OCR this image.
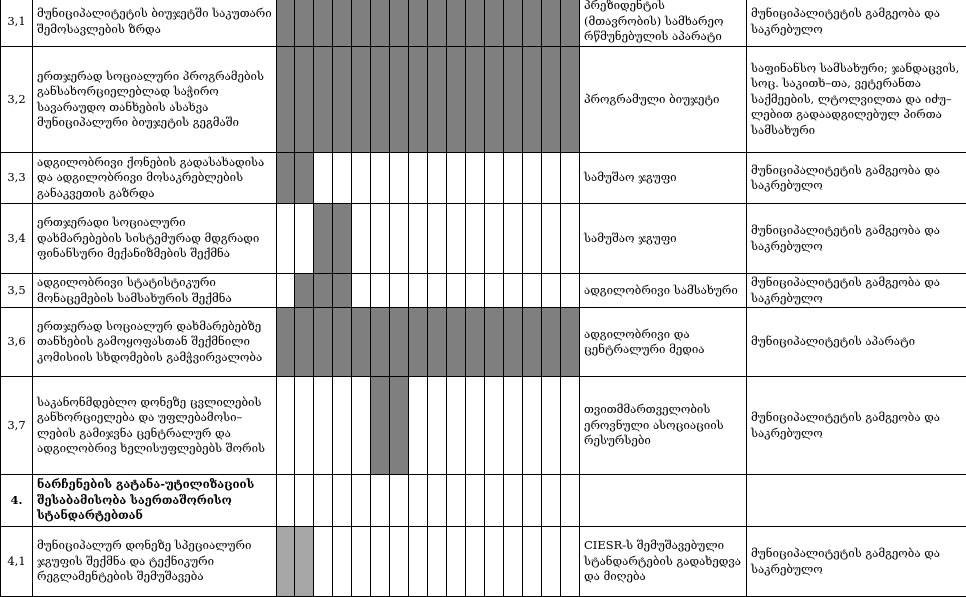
3,1	მუნიციპალიტეტის ბიუჯეტში საკუთარი შემოსავლების ზრდა																	პრეზიდენტის (მთავრობის) სამხარეო რწმუნებულის აპარატი	მუნიციპალიტეტის გამგეობა და საკრებულო
3,2	ერთჯერად სოციალური პროგრამების განსახორციელებლად საჭირო სავარაუდო თანხების ასახვა მუნიციპალური ბიუჯეტის გეგმაში																	პროგრამული ბიუჯეტი	საფინანსო სამსახური; ჯანდაცვის, სოც. საკითხ–თა, ვეტერანთა საქმეების, ლტოლვილთა და იძუ–ლებით გადაადგილებულ პირთა სამსახური
3,3	ადგილობრივი ქონების გადასახადისა და ადგილობრივი მოსაკრებლების განაკვეთის გაზრდა																	სამუშაო ჯგუფი	მუნიციპალიტეტის გამგეობა და საკრებულო
3,4	ერთჯერადი სოციალური დახმარებების სისტემურად მდგრადი ფინანსური მექანიზმების შექმნა																	სამუშაო ჯგუფი	მუნიციპალიტეტის გამგეობა და საკრებულო
3,5	ადგილობრივი სტატისტიკური მონაცემების სამსახურის შექმნა																	ადგილობრივი სამსახური	მუნიციპალიტეტის გამგეობა და საკრებულო
3,6	ერთჯერად სოციალურ დახმარებებზე თანხების გამოყოფასთან შექმნილი კომისიის სხდომების გამჭვირვალობა																	ადგილობრივი და ცენტრალური მედია	მუნიციპალიტეტის აპარატი
3,7	საკანონმდებლო დონეზე ცვლილების განხორციელება და უფლებამოსი–ლების გამიჯვნა ცენტრალურ და ადგილობრივ ხელისუფლებებს შორის																	თვითმმართველობის ეროვნული ასოციაციის რესურსები	მუნიციპალიტეტის გამგეობა და საკრებულო
4.	ნარჩენების გატანა-უტილიზაციის შესაბამისობა საერთაშორისო სტანდარტებთან																		
4,1	მუნიციპალურ დონეზე სპეციალური ჯგუფის შექმნა და ტექნიკური რეგლამენტების შემუშავება																	CIESR-ს შემუშავებული სტანდარტების გადახედვა და მიღება	მუნიციპალიტეტის გამგეობა და საკრებულო
